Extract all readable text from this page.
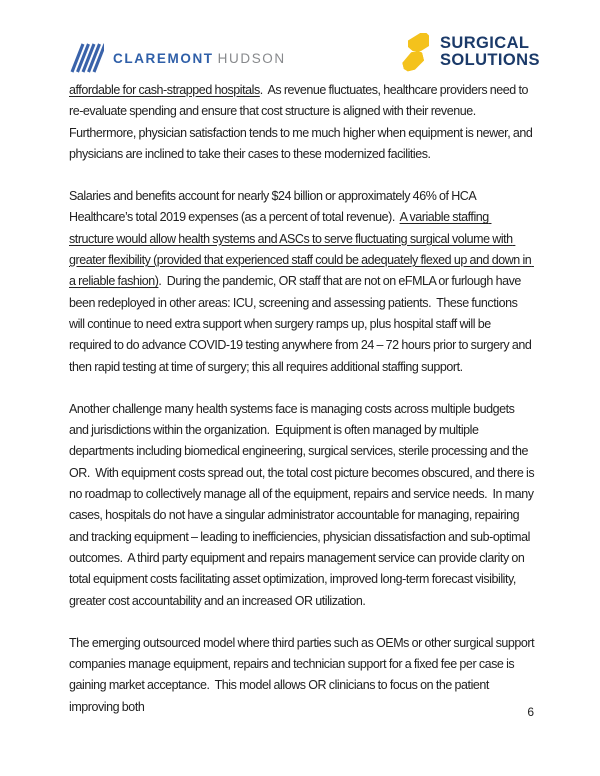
CLAREMONT HUDSON
SURGICAL
SOLUTIONS

affordable for cash-strapped hospitals.  As revenue fluctuates, healthcare providers need to re-evaluate spending and ensure that cost structure is aligned with their revenue.  Furthermore, physician satisfaction tends to me much higher when equipment is newer, and physicians are inclined to take their cases to these modernized facilities.

Salaries and benefits account for nearly $24 billion or approximately 46% of HCA Healthcare’s total 2019 expenses (as a percent of total revenue).  A variable staffing structure would allow health systems and ASCs to serve fluctuating surgical volume with greater flexibility (provided that experienced staff could be adequately flexed up and down in a reliable fashion).  During the pandemic, OR staff that are not on eFMLA or furlough have been redeployed in other areas: ICU, screening and assessing patients.  These functions will continue to need extra support when surgery ramps up, plus hospital staff will be required to do advance COVID-19 testing anywhere from 24 – 72 hours prior to surgery and then rapid testing at time of surgery; this all requires additional staffing support.

Another challenge many health systems face is managing costs across multiple budgets and jurisdictions within the organization.  Equipment is often managed by multiple departments including biomedical engineering, surgical services, sterile processing and the OR.  With equipment costs spread out, the total cost picture becomes obscured, and there is no roadmap to collectively manage all of the equipment, repairs and service needs.  In many cases, hospitals do not have a singular administrator accountable for managing, repairing and tracking equipment – leading to inefficiencies, physician dissatisfaction and sub-optimal outcomes.  A third party equipment and repairs management service can provide clarity on total equipment costs facilitating asset optimization, improved long-term forecast visibility, greater cost accountability and an increased OR utilization.

The emerging outsourced model where third parties such as OEMs or other surgical support companies manage equipment, repairs and technician support for a fixed fee per case is gaining market acceptance.  This model allows OR clinicians to focus on the patient improving both	6
